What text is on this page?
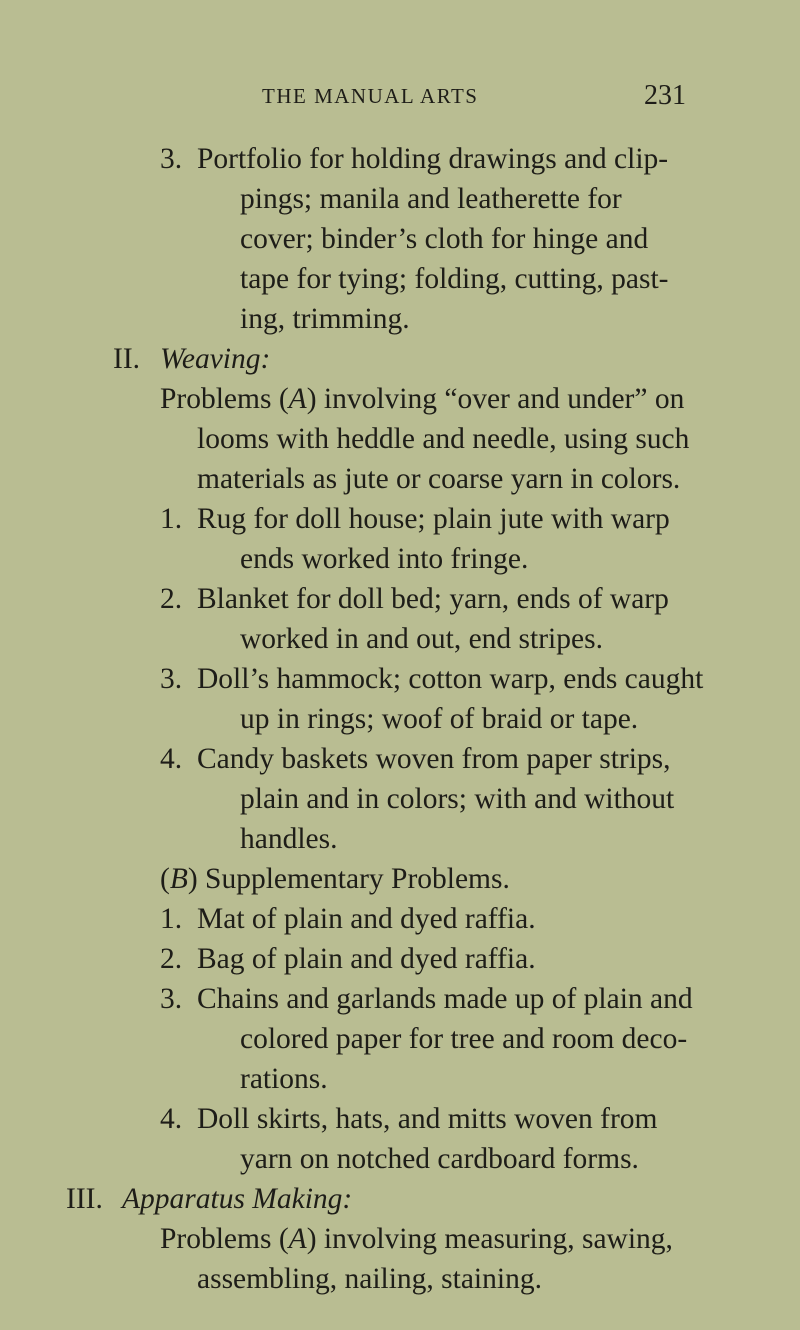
THE MANUAL ARTS	231
3. Portfolio for holding drawings and clip-
pings; manila and leatherette for
cover; binder’s cloth for hinge and
tape for tying; folding, cutting, past-
ing, trimming.
II. Weaving:
Problems (A) involving “over and under” on
looms with heddle and needle, using such
materials as jute or coarse yarn in colors.
1. Rug for doll house; plain jute with warp
ends worked into fringe.
2. Blanket for doll bed; yarn, ends of warp
worked in and out, end stripes.
3. Doll’s hammock; cotton warp, ends caught
up in rings; woof of braid or tape.
4. Candy baskets woven from paper strips,
plain and in colors; with and without
handles.
(B) Supplementary Problems.
1. Mat of plain and dyed raffia.
2. Bag of plain and dyed raffia.
3. Chains and garlands made up of plain and
colored paper for tree and room deco-
rations.
4. Doll skirts, hats, and mitts woven from
yarn on notched cardboard forms.
III. Apparatus Making:
Problems (A) involving measuring, sawing,
assembling, nailing, staining.
